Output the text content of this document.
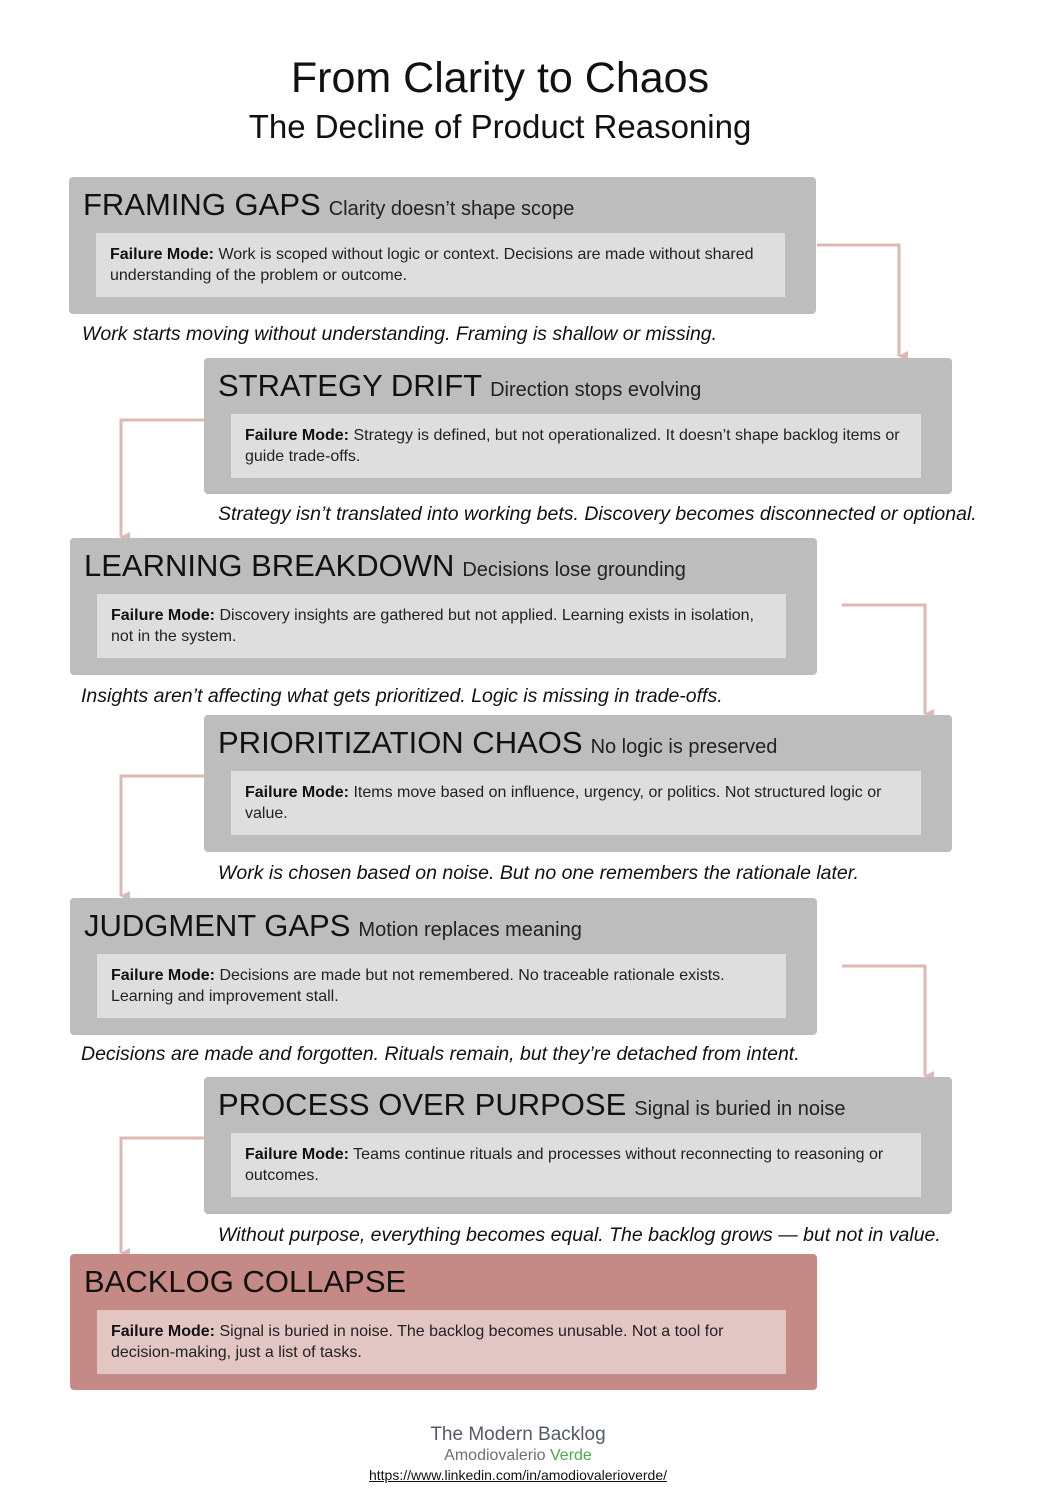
From Clarity to Chaos
The Decline of Product Reasoning
FRAMING GAPS Clarity doesn’t shape scope
Failure Mode: Work is scoped without logic or context. Decisions are made without shared understanding of the problem or outcome.
Work starts moving without understanding. Framing is shallow or missing.
STRATEGY DRIFT Direction stops evolving
Failure Mode: Strategy is defined, but not operationalized. It doesn’t shape backlog items or guide trade-offs.
Strategy isn’t translated into working bets. Discovery becomes disconnected or optional.
LEARNING BREAKDOWN Decisions lose grounding
Failure Mode: Discovery insights are gathered but not applied. Learning exists in isolation, not in the system.
Insights aren’t affecting what gets prioritized. Logic is missing in trade-offs.
PRIORITIZATION CHAOS No logic is preserved
Failure Mode: Items move based on influence, urgency, or politics. Not structured logic or value.
Work is chosen based on noise. But no one remembers the rationale later.
JUDGMENT GAPS Motion replaces meaning
Failure Mode: Decisions are made but not remembered. No traceable rationale exists. Learning and improvement stall.
Decisions are made and forgotten. Rituals remain, but they’re detached from intent.
PROCESS OVER PURPOSE Signal is buried in noise
Failure Mode: Teams continue rituals and processes without reconnecting to reasoning or outcomes.
Without purpose, everything becomes equal. The backlog grows — but not in value.
BACKLOG COLLAPSE
Failure Mode: Signal is buried in noise. The backlog becomes unusable. Not a tool for decision-making, just a list of tasks.
The Modern Backlog
Amodiovalerio Verde
https://www.linkedin.com/in/amodiovalerioverde/
